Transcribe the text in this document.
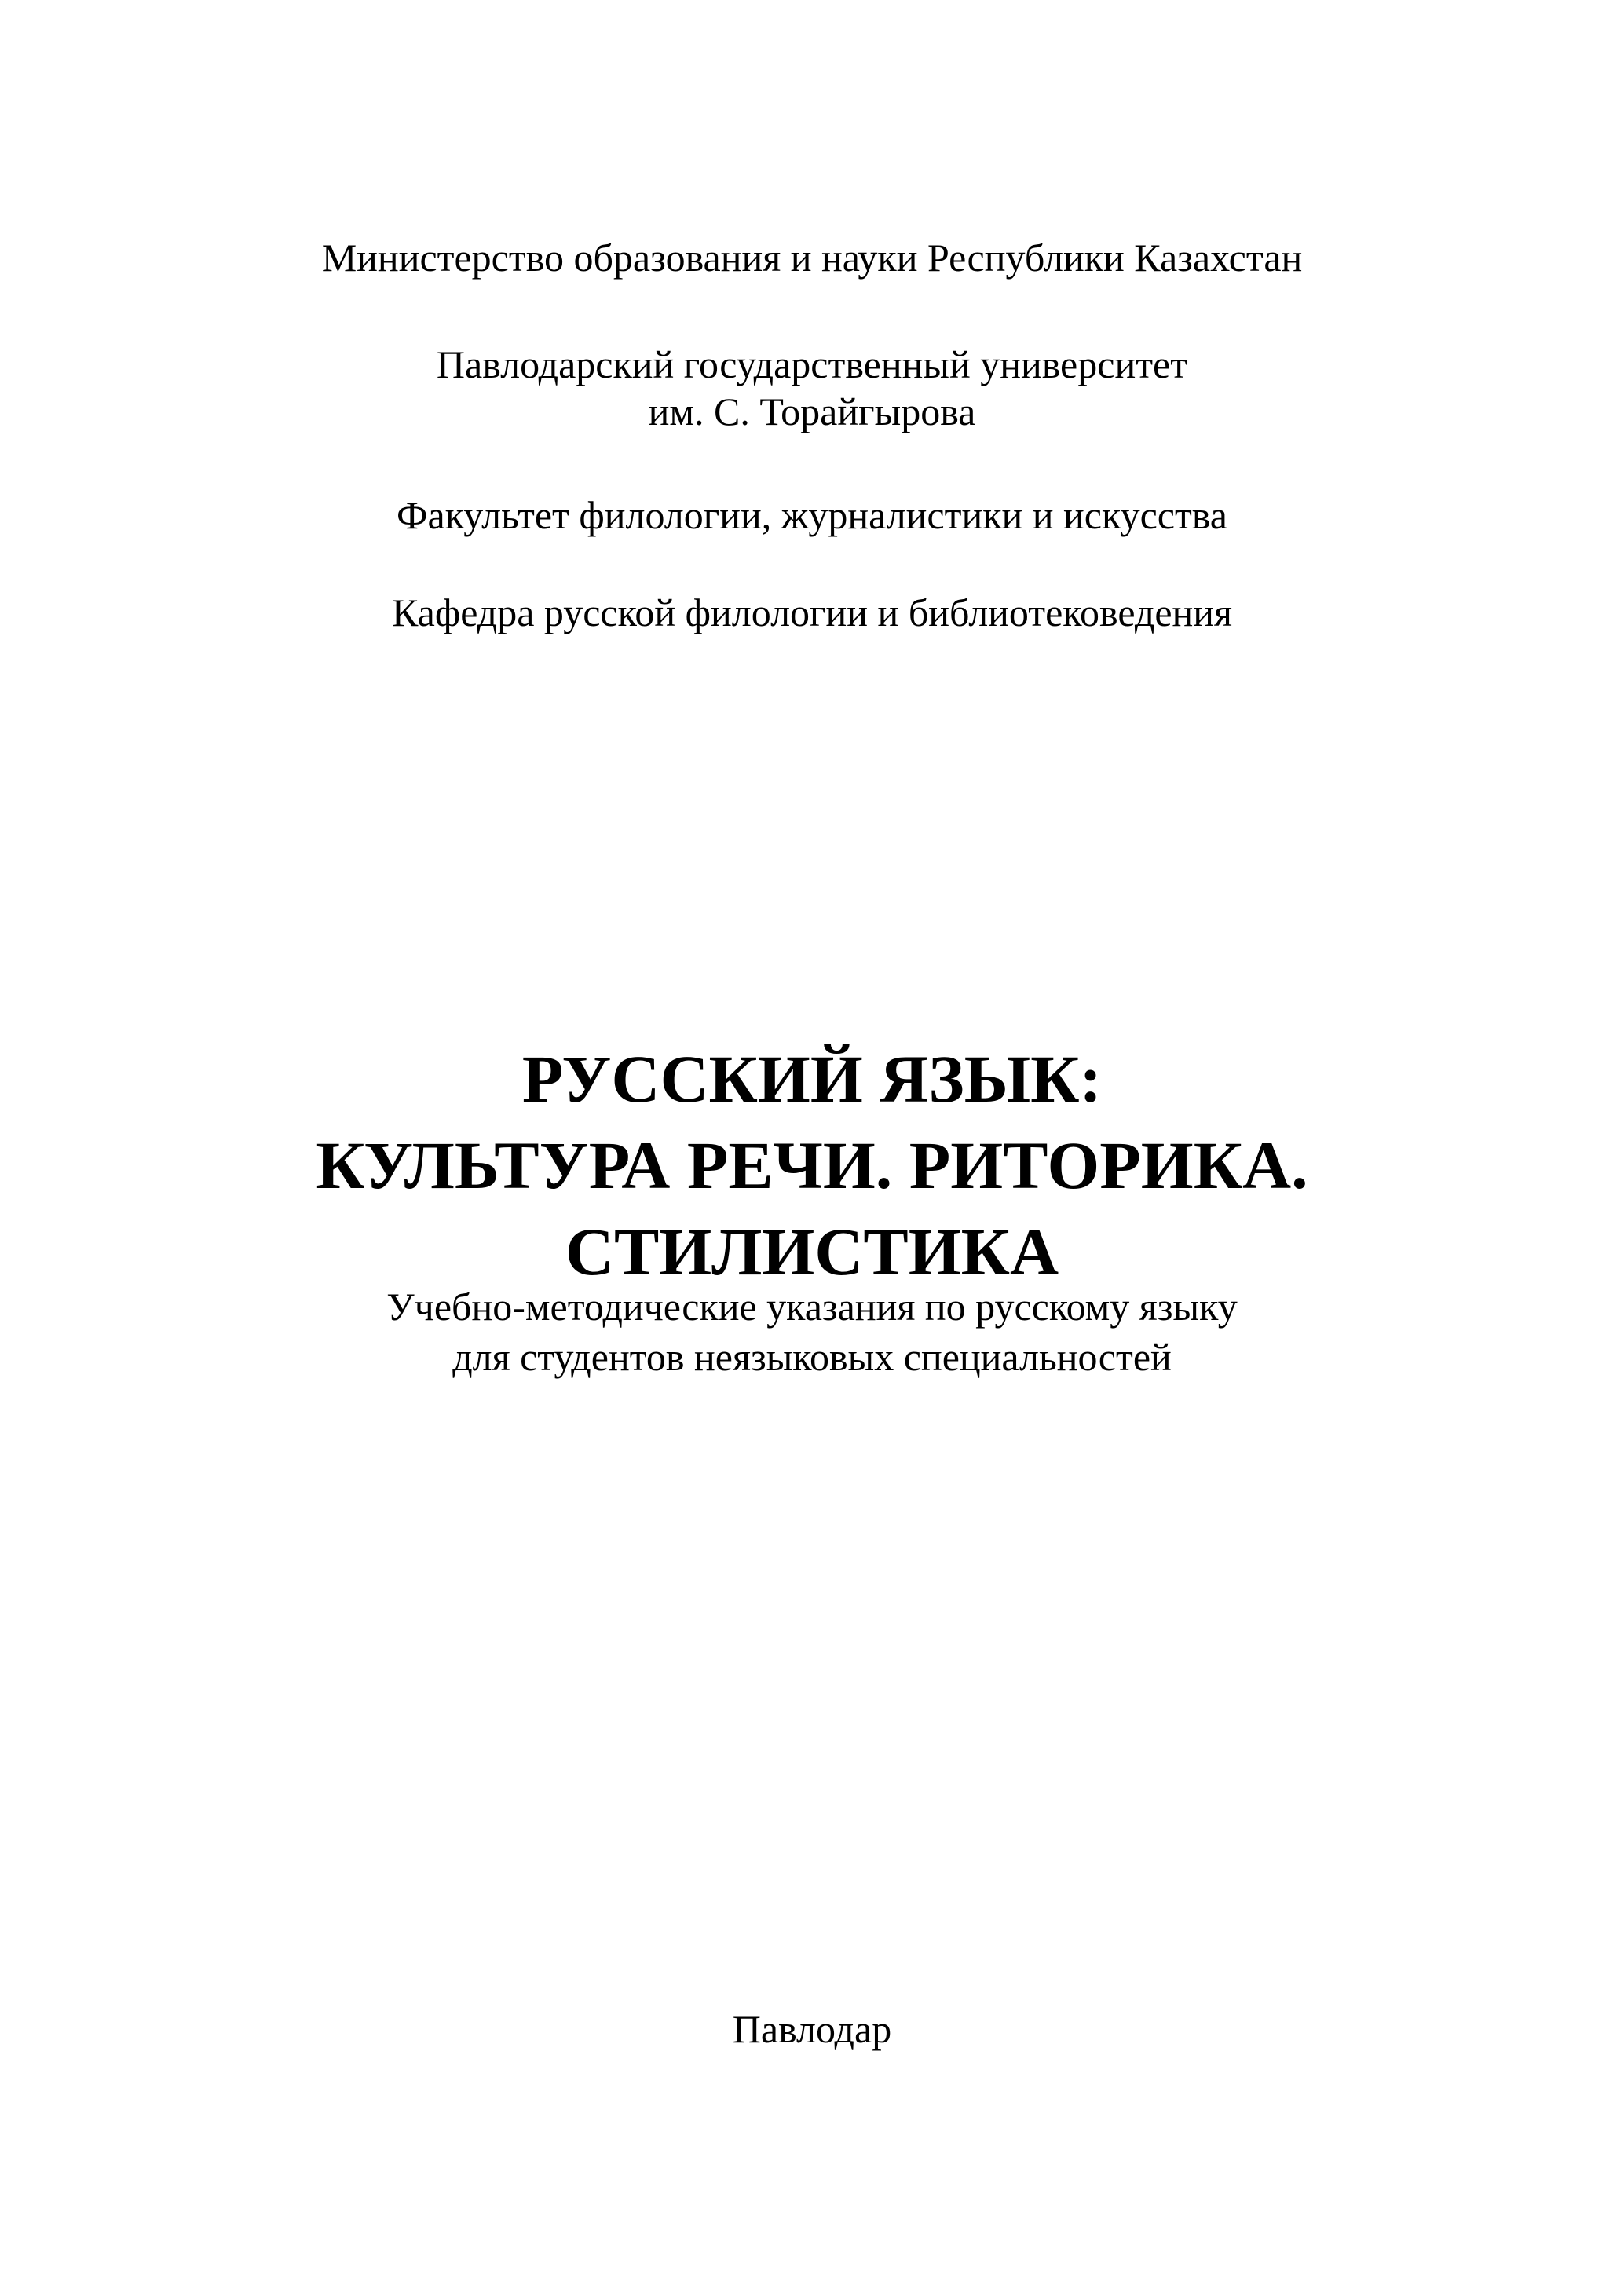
Министерство образования и науки Республики Казахстан
Павлодарский государственный университет
им. С. Торайгырова
Факультет филологии, журналистики и искусства
Кафедра русской филологии и библиотековедения
РУССКИЙ ЯЗЫК:
КУЛЬТУРА РЕЧИ. РИТОРИКА.
СТИЛИСТИКА
Учебно-методические указания по русскому языку
для студентов неязыковых специальностей
Павлодар
